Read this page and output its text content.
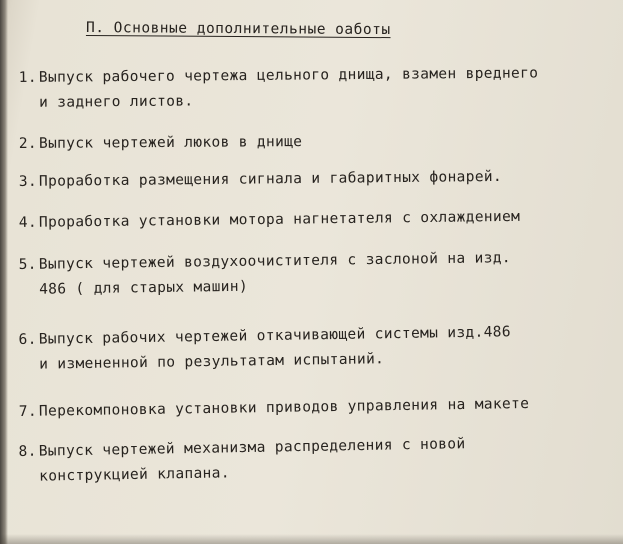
П. Основные дополнительные оаботы
1. Выпуск рабочего чертежа цельного днища, взамен вреднего
и заднего листов.
2. Выпуск чертежей люков в днище
3. Проработка размещения сигнала и габаритных фонарей.
4. Проработка установки мотора нагнетателя с охлаждением
5. Выпуск чертежей воздухоочистителя с заслоной на изд.
486 ( для старых машин)
6. Выпуск рабочих чертежей откачивающей системы изд.486
и измененной по результатам испытаний.
7. Перекомпоновка установки приводов управления на макете
8. Выпуск чертежей механизма распределения с новой
конструкцией клапана.
